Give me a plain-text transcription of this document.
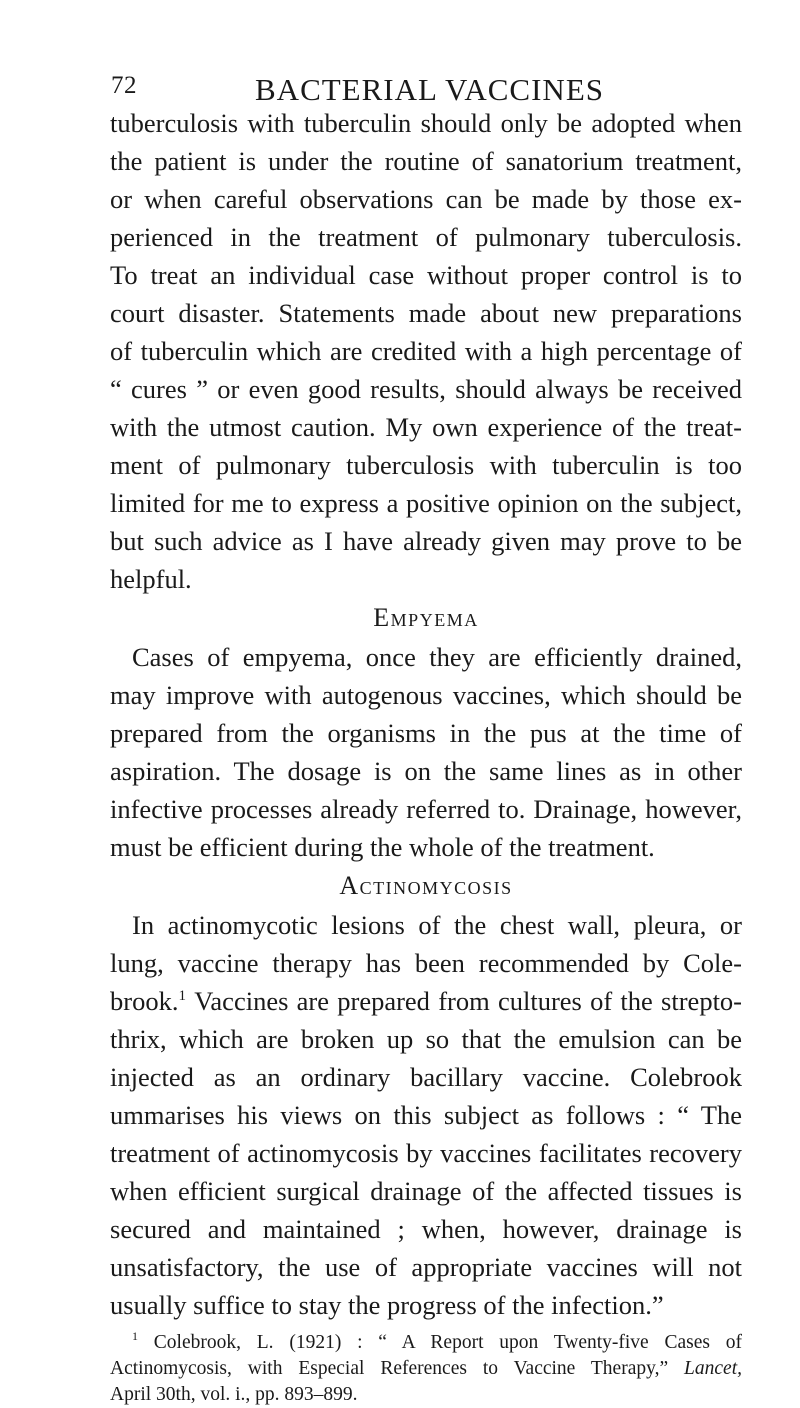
72	BACTERIAL VACCINES
tuberculosis with tuberculin should only be adopted when
the patient is under the routine of sanatorium treatment,
or when careful observations can be made by those ex-
perienced in the treatment of pulmonary tuberculosis.
To treat an individual case without proper control is to
court disaster. Statements made about new preparations
of tuberculin which are credited with a high percentage of
“ cures ” or even good results, should always be received
with the utmost caution. My own experience of the treat-
ment of pulmonary tuberculosis with tuberculin is too
limited for me to express a positive opinion on the subject,
but such advice as I have already given may prove to be
helpful.
Empyema
Cases of empyema, once they are efficiently drained,
may improve with autogenous vaccines, which should be
prepared from the organisms in the pus at the time of
aspiration. The dosage is on the same lines as in other
infective processes already referred to. Drainage, however,
must be efficient during the whole of the treatment.
Actinomycosis
In actinomycotic lesions of the chest wall, pleura, or
lung, vaccine therapy has been recommended by Cole-
brook.$^1$ Vaccines are prepared from cultures of the strepto-
thrix, which are broken up so that the emulsion can be
injected as an ordinary bacillary vaccine. Colebrook
ummarises his views on this subject as follows : “ The
treatment of actinomycosis by vaccines facilitates recovery
when efficient surgical drainage of the affected tissues is
secured and maintained ; when, however, drainage is
unsatisfactory, the use of appropriate vaccines will not
usually suffice to stay the progress of the infection.”
$^1$ Colebrook, L. (1921) : “ A Report upon Twenty-five Cases of
Actinomycosis, with Especial References to Vaccine Therapy,” Lancet,
April 30th, vol. i., pp. 893–899.
